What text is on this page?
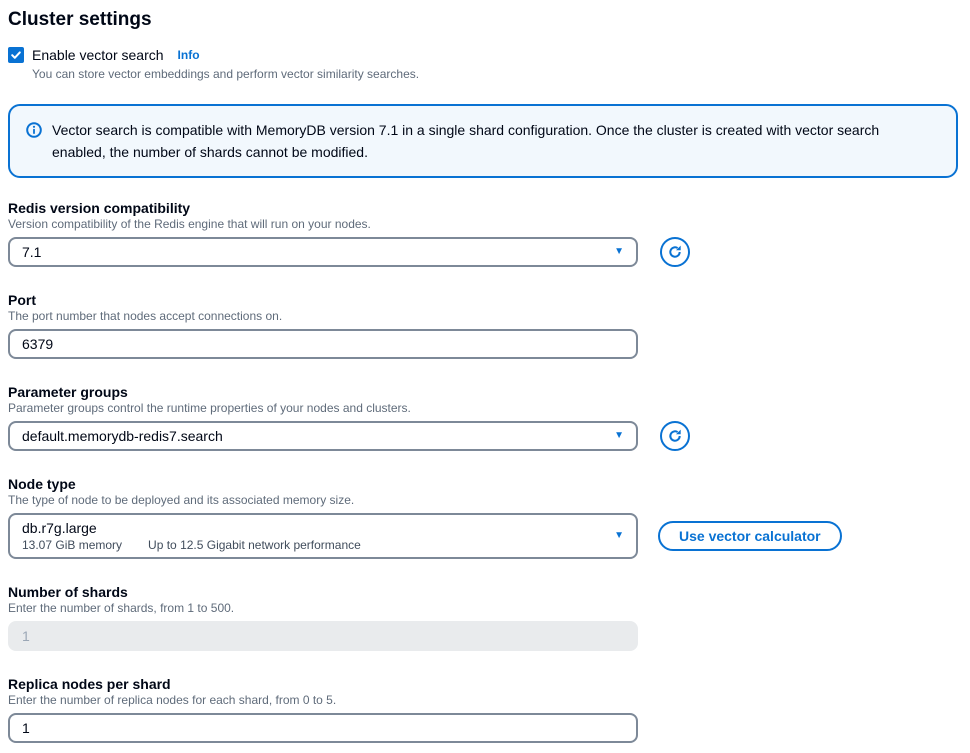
Cluster settings
Enable vector search Info
You can store vector embeddings and perform vector similarity searches.
Vector search is compatible with MemoryDB version 7.1 in a single shard configuration. Once the cluster is created with vector search enabled, the number of shards cannot be modified.
Redis version compatibility
Version compatibility of the Redis engine that will run on your nodes.
7.1	▼
Port
The port number that nodes accept connections on.
6379
Parameter groups
Parameter groups control the runtime properties of your nodes and clusters.
default.memorydb-redis7.search	▼
Node type
The type of node to be deployed and its associated memory size.
db.r7g.large
13.07 GiB memory Up to 12.5 Gigabit network performance
▼	Use vector calculator
Number of shards
Enter the number of shards, from 1 to 500.
1
Replica nodes per shard
Enter the number of replica nodes for each shard, from 0 to 5.
1
